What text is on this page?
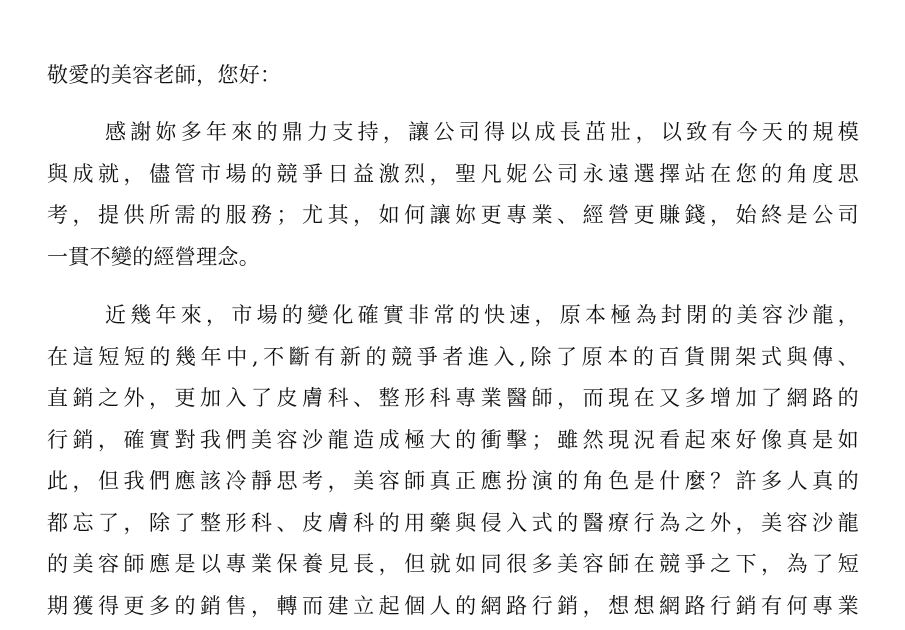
敬愛的美容老師，您好：
感謝妳多年來的鼎力支持，讓公司得以成長茁壯，以致有今天的規模
與成就，儘管市場的競爭日益激烈，聖凡妮公司永遠選擇站在您的角度思
考，提供所需的服務；尤其，如何讓妳更專業、經營更賺錢，始終是公司
一貫不變的經營理念。
近幾年來，市場的變化確實非常的快速，原本極為封閉的美容沙龍，
在這短短的幾年中,不斷有新的競爭者進入,除了原本的百貨開架式與傳、
直銷之外，更加入了皮膚科、整形科專業醫師，而現在又多增加了網路的
行銷，確實對我們美容沙龍造成極大的衝擊；雖然現況看起來好像真是如
此，但我們應該冷靜思考，美容師真正應扮演的角色是什麼？許多人真的
都忘了，除了整形科、皮膚科的用藥與侵入式的醫療行為之外，美容沙龍
的美容師應是以專業保養見長，但就如同很多美容師在競爭之下，為了短
期獲得更多的銷售，轉而建立起個人的網路行銷，想想網路行銷有何專業
